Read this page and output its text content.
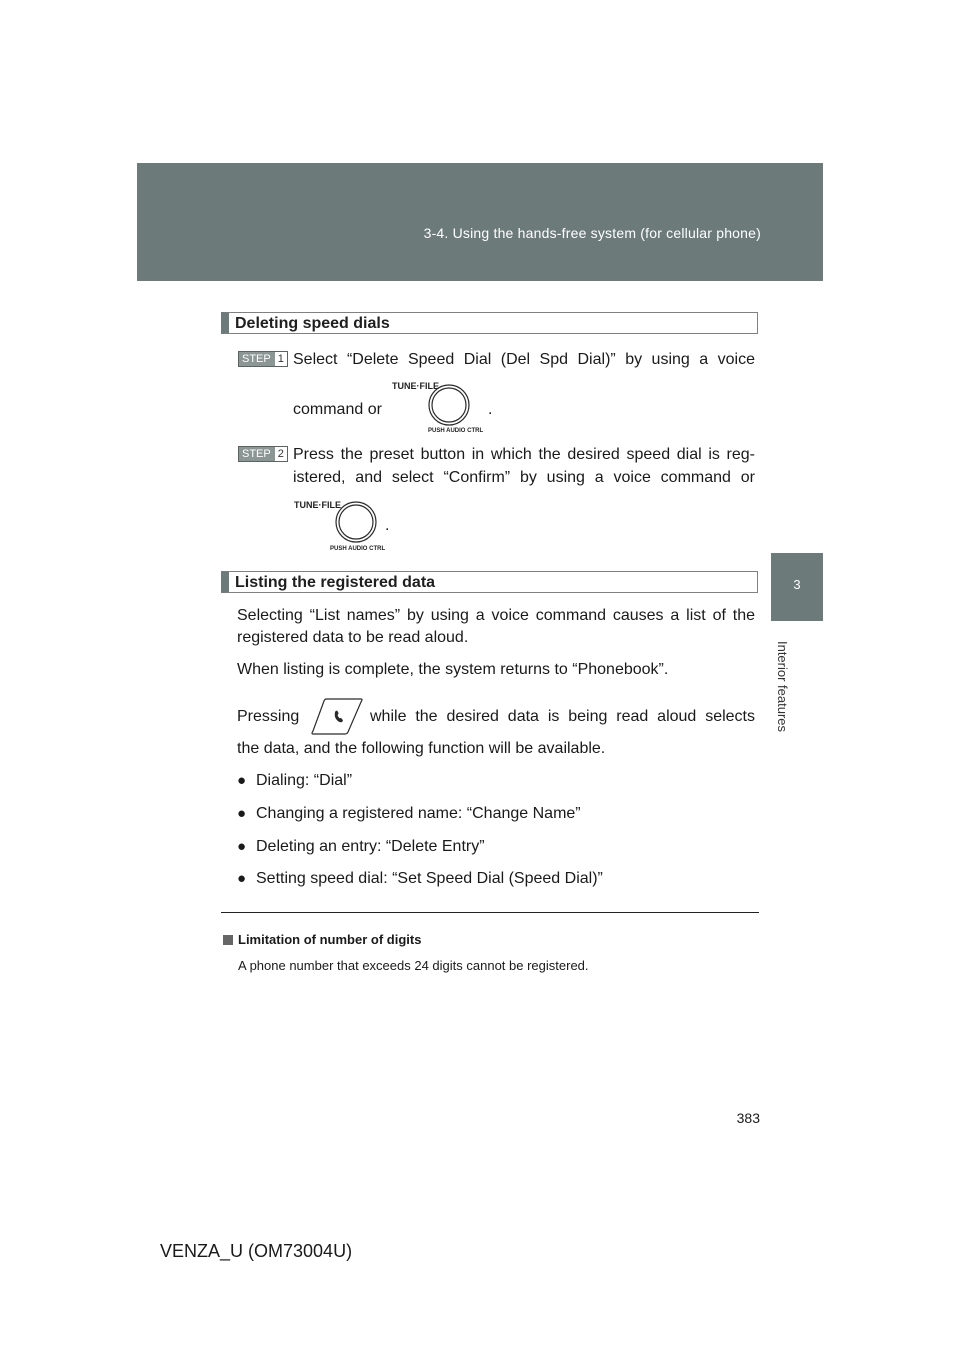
3-4. Using the hands-free system (for cellular phone)
3
Interior features
Deleting speed dials
STEP 1 Select “Delete Speed Dial (Del Spd Dial)” by using a voice
command or
TUNE·FILE
PUSH AUDIO CTRL
.
STEP 2 Press the preset button in which the desired speed dial is reg-
istered, and select “Confirm” by using a voice command or
TUNE·FILE
PUSH AUDIO CTRL
.
Listing the registered data
Selecting “List names” by using a voice command causes a list of the
registered data to be read aloud.
When listing is complete, the system returns to “Phonebook”.
Pressing	while the desired data is being read aloud selects
the data, and the following function will be available.
● Dialing: “Dial”
● Changing a registered name: “Change Name”
● Deleting an entry: “Delete Entry”
● Setting speed dial: “Set Speed Dial (Speed Dial)”
Limitation of number of digits
A phone number that exceeds 24 digits cannot be registered.
383
VENZA_U (OM73004U)
